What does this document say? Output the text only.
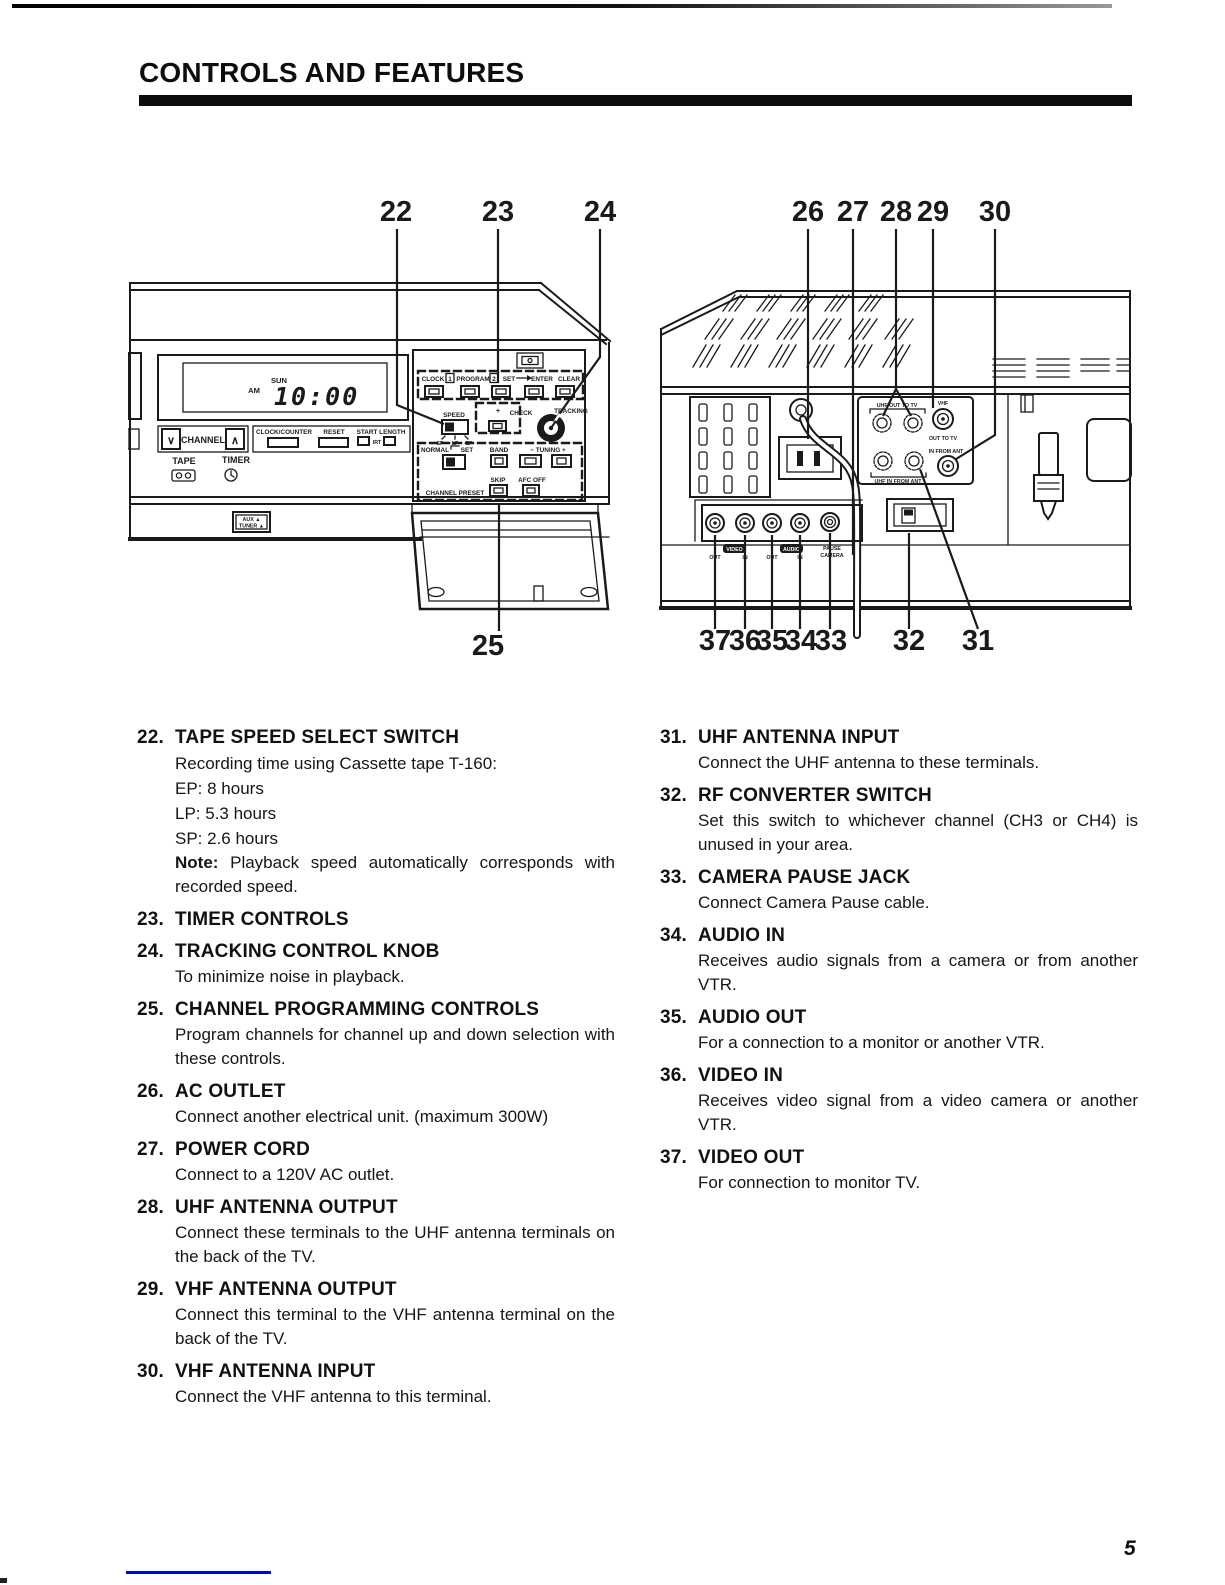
CONTROLS AND FEATURES
22 23 24
25
AM
SUN
10:00
∨	∧
CHANNEL
CLOCK/COUNTER RESET START LENGTH
IRT
TAPE	TIMER
AUX ▲
TUNER ▲
CLOCK 1 PROGRAM 2 SET ENTER CLEAR
+ CHECK
SPEED
SP LP EP
TRACKING
NORMAL SET	BAND	− TUNING +
SKIP AFC OFF
CHANNEL PRESET
UHF OUT TO TV	VHF
OUT TO TV
UHF IN FROM ANT
IN FROM ANT
VIDEO
OUT	IN
AUDIO
OUT	IN
PAUSE
CAMERA
26 27 28 29 30
37
36
35
34
33 32 31
22. TAPE SPEED SELECT SWITCH
Recording time using Cassette tape T-160:
EP: 8 hours
LP: 5.3 hours
SP: 2.6 hours

Note: Playback speed automatically corresponds with recorded speed.

23. TIMER CONTROLS
24. TRACKING CONTROL KNOB

To minimize noise in playback.

25. CHANNEL PROGRAMMING CONTROLS

Program channels for channel up and down selection with these controls.

26. AC OUTLET

Connect another electrical unit. (maximum 300W)

27. POWER CORD

Connect to a 120V AC outlet.

28. UHF ANTENNA OUTPUT

Connect these terminals to the UHF antenna terminals on the back of the TV.

29. VHF ANTENNA OUTPUT

Connect this terminal to the VHF antenna terminal on the back of the TV.

30. VHF ANTENNA INPUT

Connect the VHF antenna to this terminal.

31. UHF ANTENNA INPUT

Connect the UHF antenna to these terminals.

32. RF CONVERTER SWITCH

Set this switch to whichever channel (CH3 or CH4) is unused in your area.

33. CAMERA PAUSE JACK

Connect Camera Pause cable.

34. AUDIO IN

Receives audio signals from a camera or from another VTR.

35. AUDIO OUT

For a connection to a monitor or another VTR.

36. VIDEO IN

Receives video signal from a video camera or another VTR.

37. VIDEO OUT

For connection to monitor TV.

5
